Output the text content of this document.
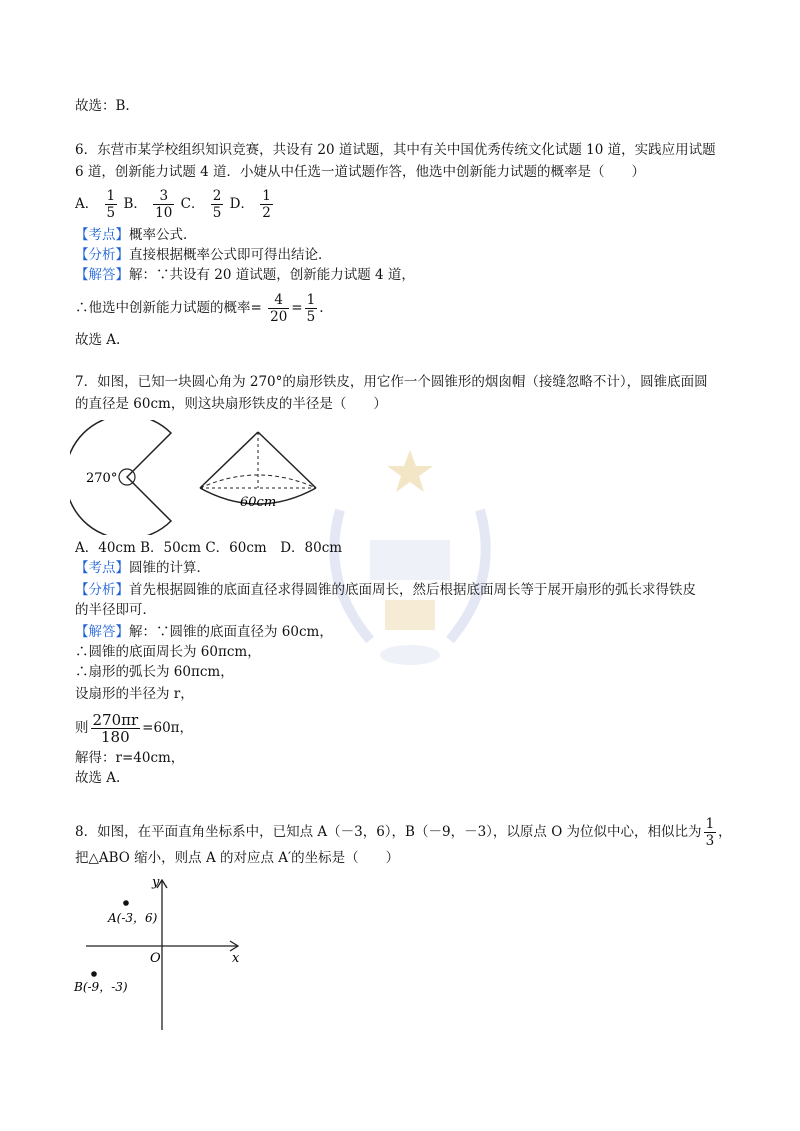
故选：B.
6．东营市某学校组织知识竞赛，共设有 20 道试题，其中有关中国优秀传统文化试题 10 道，实践应用试题
6 道，创新能力试题 4 道．小婕从中任选一道试题作答，他选中创新能力试题的概率是（　　）
A． $\frac{1}{5}$ B． $\frac{3}{10}$ C． $\frac{2}{5}$ D． $\frac{1}{2}$
【考点】概率公式．
【分析】直接根据概率公式即可得出结论．
【解答】解：∵共设有 20 道试题，创新能力试题 4 道，
∴他选中创新能力试题的概率= $\frac{4}{20} = \frac{1}{5}$ .
故选 A.
7．如图，已知一块圆心角为 270°的扇形铁皮，用它作一个圆锥形的烟囱帽（接缝忽略不计），圆锥底面圆
的直径是 60cm，则这块扇形铁皮的半径是（　　）
270°
60cm
A．40cm B．50cm C．60cm　D．80cm
【考点】圆锥的计算．
【分析】首先根据圆锥的底面直径求得圆锥的底面周长，然后根据底面周长等于展开扇形的弧长求得铁皮
的半径即可．
【解答】解：∵圆锥的底面直径为 60cm，
∴圆锥的底面周长为 60πcm，
∴扇形的弧长为 60πcm，
设扇形的半径为 r，
则 $\frac{270\pi r}{180} =60\pi$，
解得：r=40cm，
故选 A.
8．如图，在平面直角坐标系中，已知点 A（－3，6），B（－9，－3），以原点 O 为位似中心，相似比为 $\frac{1}{3}$ ，
把△ABO 缩小，则点 A 的对应点 A′的坐标是（　　）
y
x
O
A(-3，6)
B(-9，-3)
